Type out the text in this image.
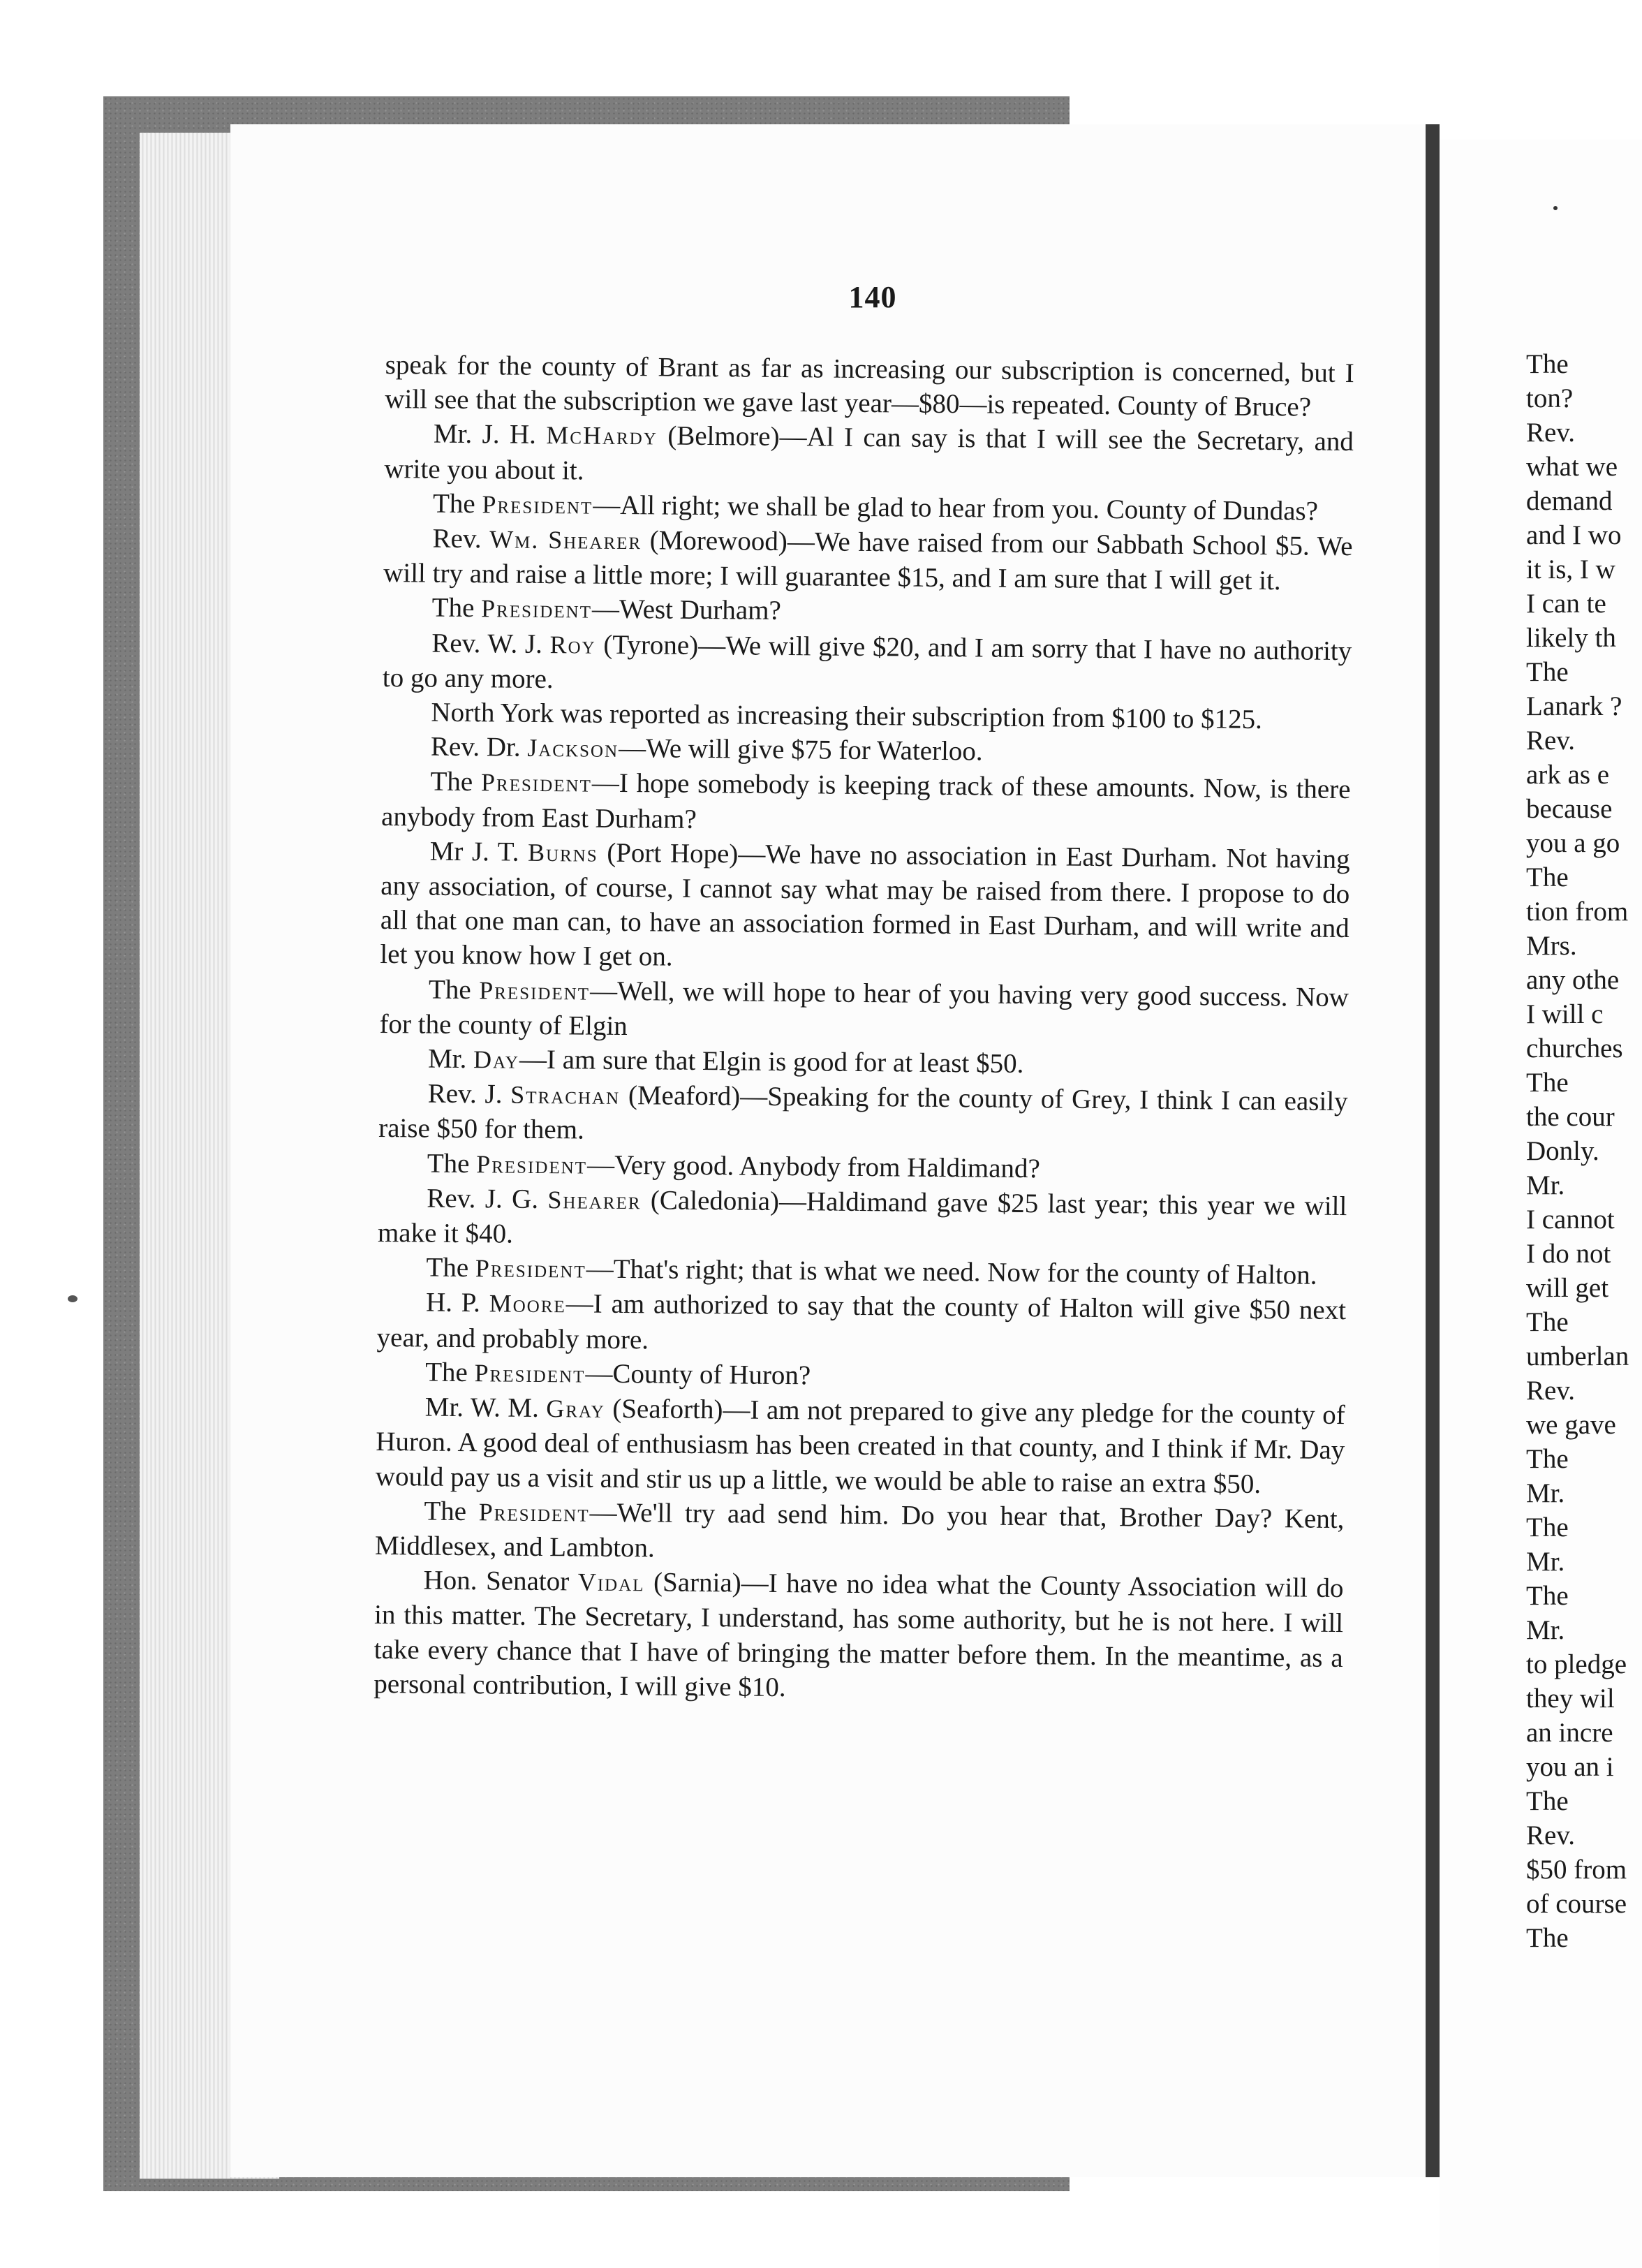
140

speak for the county of Brant as far as increasing our subscription is concerned, but I will see that the subscription we gave last year—$80—is repeated. County of Bruce?

Mr. J. H. McHardy (Belmore)—Al I can say is that I will see the Secretary, and write you about it.

The President—All right; we shall be glad to hear from you. County of Dundas?

Rev. Wm. Shearer (Morewood)—We have raised from our Sabbath School $5. We will try and raise a little more; I will guarantee $15, and I am sure that I will get it.

The President—West Durham?

Rev. W. J. Roy (Tyrone)—We will give $20, and I am sorry that I have no authority to go any more.

North York was reported as increasing their subscription from $100 to $125.

Rev. Dr. Jackson—We will give $75 for Waterloo.

The President—I hope somebody is keeping track of these amounts. Now, is there anybody from East Durham?

Mr J. T. Burns (Port Hope)—We have no association in East Durham. Not having any association, of course, I cannot say what may be raised from there. I propose to do all that one man can, to have an association formed in East Durham, and will write and let you know how I get on.

The President—Well, we will hope to hear of you having very good success. Now for the county of Elgin

Mr. Day—I am sure that Elgin is good for at least $50.

Rev. J. Strachan (Meaford)—Speaking for the county of Grey, I think I can easily raise $50 for them.

The President—Very good. Anybody from Haldimand?

Rev. J. G. Shearer (Caledonia)—Haldimand gave $25 last year; this year we will make it $40.

The President—That's right; that is what we need. Now for the county of Halton.

H. P. Moore—I am authorized to say that the county of Halton will give $50 next year, and probably more.

The President—County of Huron?

Mr. W. M. Gray (Seaforth)—I am not prepared to give any pledge for the county of Huron. A good deal of enthusiasm has been created in that county, and I think if Mr. Day would pay us a visit and stir us up a little, we would be able to raise an extra $50.

The President—We'll try aad send him. Do you hear that, Brother Day? Kent, Middlesex, and Lambton.

Hon. Senator Vidal (Sarnia)—I have no idea what the County Association will do in this matter. The Secretary, I understand, has some authority, but he is not here. I will take every chance that I have of bringing the matter before them. In the meantime, as a personal contribution, I will give $10.

The
ton?
Rev.
what we
demand
and I wo
it is, I w
I can te
likely th
The
Lanark ?
Rev.
ark as e
because
you a go
The
tion from
Mrs.
any othe
I will c
churches
The
the cour
Donly.
Mr.
I cannot
I do not
will get
The
umberlan
Rev.
we gave
The
Mr.
The
Mr.
The
Mr.
to pledge
they wil
an incre
you an i
The
Rev.
$50 from
of course
The
